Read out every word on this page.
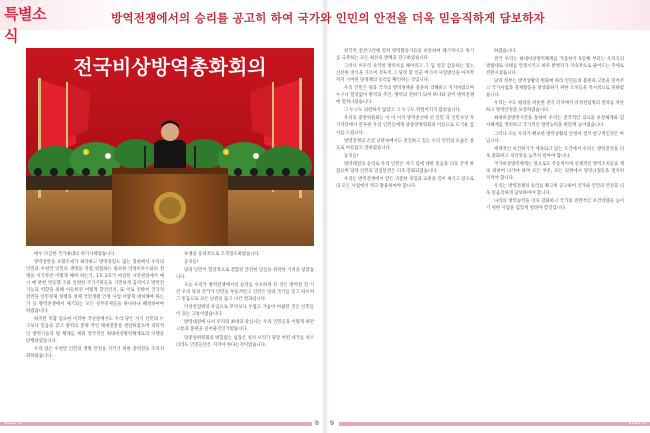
특별소식
방역전쟁에서의 승리를 공고히 하여 국가와 인민의 안전을 더욱 믿음직하게 담보하자
전국비상방역총화회의

매우 다급한 국가최대의 위기사태였습니다.

방역전반을 포괄조세가 최악하고 방역경험도 없는 형편에서 우리의 인민과 수천만 인민의 생명을 직접 위협하는 횡포한 악성비루스와의 전쟁을 이기자면 어떻게 해야 하는가, 1호 2호가 마감된 시간관념에서 매시 매 관헌 반응했 조와 일원한 국가기관들을 기민하게 움직이고 방역전 기능과 역할을 의해 이들하연 어떻게 할것인지, 또 이로 인하여 국가적 전반을 인민경제 정책과 정체 국민생활 안정 사업 어떻게 대처해야 하는가 등 방역전쟁에서 제기되는 모든 실무문제들을 하나하나 해결하여야 하였습니다.

하지만 복잡 엄숙한 이러한 국난앞에서도 우리 당은 자기 인민의 누구보다 믿음을 갖고 방역의 총략 적인 태세전환을 결단하였으며 과학적인 방역기술과 법 체계를 세워 전국적인 최대비상방역체계로의 이행을 단행하였습니다.

우리 당은 수천만 인민의 생명 안전을 지키기 위한 총력전을 조직지휘하였습니다.

투쟁을 승리적으로 조직령도하였습니다.

동지들!

당과 인민이 혈연적으로 결합된 굳건한 일심을 위력한 기적을 낳았습니다.

오늘 우리가 방역전쟁에서의 승리를 선포하게 된 것은 방역전 전 기간 우리 당과 국가가 인민을 부둥켜안고 인민은 당과 국가를 믿고 따르며 그 믿음으로 모든 난관을 뚫고 나간 결과입니다.

악성전염병의 유입으로 무엇보다 두렵고 가슴이 아팠던 것은 인민들이 겪는 고통이였습니다.

방역대전에 나서 우리의 최대의 관심사는 우리 인민들을 어떻게 하면 고통과 불편을 덜어줄것인가였습니다.

당중앙위원회의 변함없는 입장은 설사 우리가 당장 어떤 대가를 치르더라도 인민들만은 지켜야 한다는것이였습니다.

전국적 전선구간에 걸쳐 방역활동가들을 비롯하여 폐기적이고 위기를 극복하는 모든 최선의 방책을 강구하였습니다.

그러나 이우리 솔직한 방역사를 헤아리고 그 힘 얼굴 감동하는 있는 신선한 방식을 기르며 전투적 그 당정 할 일군 여기서 사업방식을 마지막까지 기여한 당정책의 승리를 확인하는 것입니다.

우리 인민은 당과 국가의 방역정책을 충분히 리해하고 지지하였으며 누구나 할것없이 방역의 주인, 방역의 전위가 되여 하나와 같이 방역전쟁에 떨쳐나섰습니다.

그 누구도 외면하지 않았고 그 누구도 뒤떨어지지 않았습니다.

우리의 중앙위원회는 이 이 이자 방역전선에 선 인민 과 인민사상 자기자리에서 분투한 우리 인민들에게 당중앙위원회의 이름으로 뜨거운 감사를 드립니다.

방역전쟁의 온갖 난관속에서도 전진하고 있는 우리 인민의 모습은 참으로 아름답고 장하였습니다.

동지들!

방역대전의 승리로 우리 인민은 자기 힘에 대한 믿음을 더욱 굳게 하였으며 당과 인민의 일심단결은 더욱 강화되였습니다.

우리는 방역전쟁에서 얻은 귀중한 경험과 교훈을 깊이 새기고 앞으로의 모든 사업에서 적극 활용하여야 합니다.

하였습니다.

결국 우리는 최대비상방역체계를 가동한지 5일째 부터는 우리식의 방법대로 사태를 안정시키고 하루 발병자가 지속적으로 줄어드는 추세로 전환시켰습니다.

당과 정부는 방역상황의 변화에 따라 인민들의 불편과 고통을 덜어주고 국가사업과 경제활동을 정상화하기 위한 조치들을 적시적으로 취하였습니다.

우리는 수도 평양을 비롯한 전국 각지에서 악성전염병의 전파를 차단하고 방역안정을 보장하였습니다.

최대비상방역기간을 통하여 우리는 전국적인 의료품 보장체계와 검사체계를 정비하고 국가적인 방역능력을 한단계 높이였습니다.

그러나 오늘 우리가 확보한 방역상황의 안정이 결코 항구적인것은 아닙니다.

세계적인 보건위기가 계속되고 있는 조건에서 우리는 방역전선을 더욱 강화하고 경각성을 늦추지 말아야 합니다.

국가비상방역체계는 앞으로도 주동적이며 선제적인 방역조치들을 계속 취하여 나가야 하며 모든 부문, 모든 단위에서 방역규정들을 철저히 지켜야 합니다.

우리는 방역전쟁의 승리를 확고히 공고하여 국가와 인민의 안전을 더욱 믿음직하게 담보하여야 합니다.

나라의 방역능력을 더욱 강화하고 국가의 전반적인 보건역량을 높이기 위한 사업을 힘있게 벌려야 할것입니다.

2022.8	8	9	2022.8
